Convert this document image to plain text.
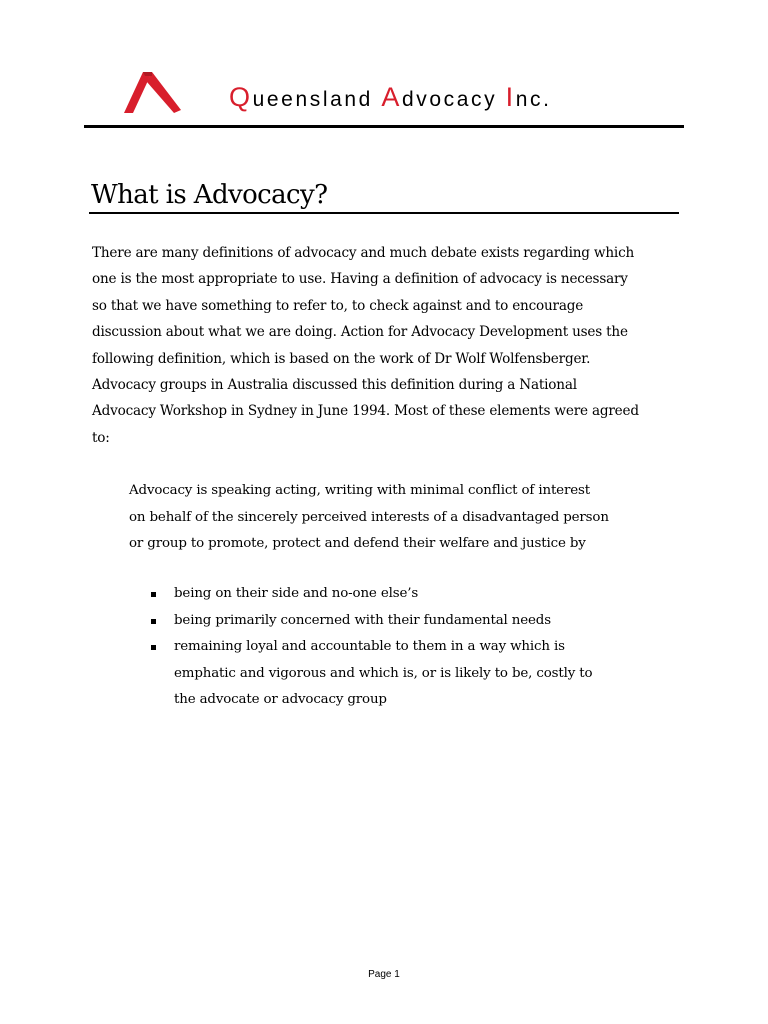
Queensland Advocacy Inc.
What is Advocacy?
There are many definitions of advocacy and much debate exists regarding which
one is the most appropriate to use. Having a definition of advocacy is necessary
so that we have something to refer to, to check against and to encourage
discussion about what we are doing. Action for Advocacy Development uses the
following definition, which is based on the work of Dr Wolf Wolfensberger.
Advocacy groups in Australia discussed this definition during a National
Advocacy Workshop in Sydney in June 1994. Most of these elements were agreed
to:
Advocacy is speaking acting, writing with minimal conflict of interest
on behalf of the sincerely perceived interests of a disadvantaged person
or group to promote, protect and defend their welfare and justice by
being on their side and no-one else’s
being primarily concerned with their fundamental needs
remaining loyal and accountable to them in a way which is
emphatic and vigorous and which is, or is likely to be, costly to
the advocate or advocacy group
Page 1
